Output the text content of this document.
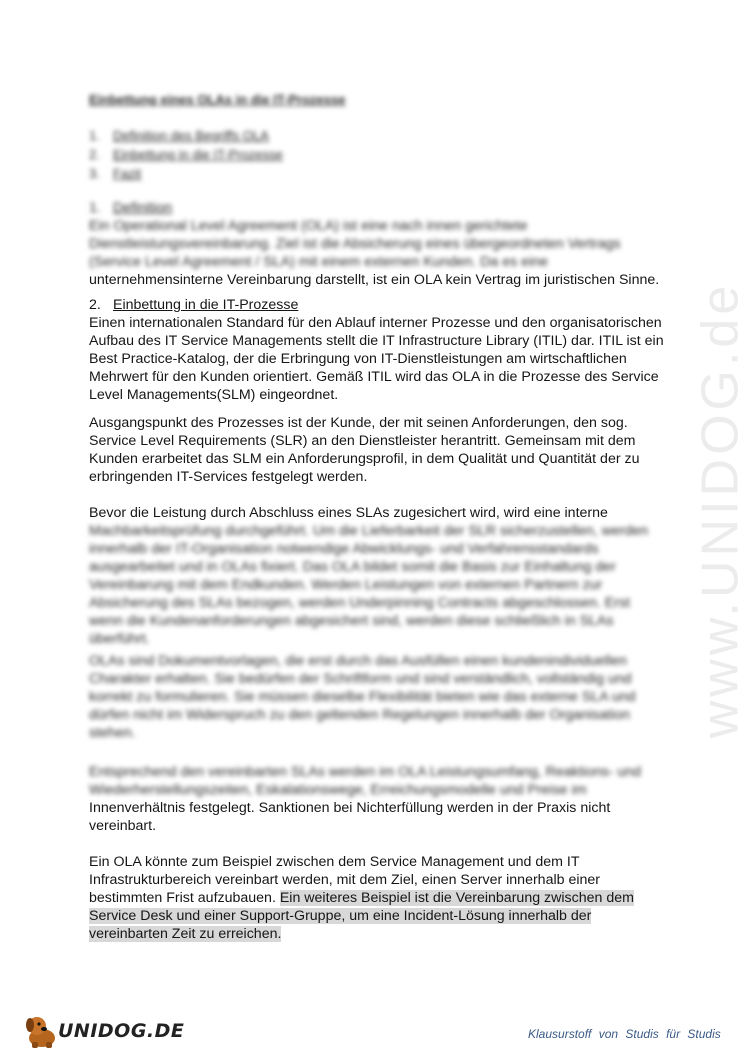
www.UNIDOG.de
Einbettung eines OLAs in die IT-Prozesse
1.	Definition des Begriffs OLA
2.	Einbettung in die IT-Prozesse
3.	Fazit
1. Definition

Ein Operational Level Agreement (OLA) ist eine nach innen gerichtete Dienstleistungsvereinbarung. Ziel ist die Absicherung eines übergeordneten Vertrags (Service Level Agreement / SLA) mit einem externen Kunden. Da es eine

unternehmensinterne Vereinbarung darstellt, ist ein OLA kein Vertrag im juristischen Sinne.

2. Einbettung in die IT-Prozesse

Einen internationalen Standard für den Ablauf interner Prozesse und den organisatorischen Aufbau des IT Service Managements stellt die IT Infrastructure Library (ITIL) dar. ITIL ist ein Best Practice-Katalog, der die Erbringung von IT-Dienstleistungen am wirtschaftlichen Mehrwert für den Kunden orientiert. Gemäß ITIL wird das OLA in die Prozesse des Service Level Managements(SLM) eingeordnet.

Ausgangspunkt des Prozesses ist der Kunde, der mit seinen Anforderungen, den sog. Service Level Requirements (SLR) an den Dienstleister herantritt. Gemeinsam mit dem Kunden erarbeitet das SLM ein Anforderungsprofil, in dem Qualität und Quantität der zu erbringenden IT-Services festgelegt werden.

Bevor die Leistung durch Abschluss eines SLAs zugesichert wird, wird eine interne

Machbarkeitsprüfung durchgeführt. Um die Lieferbarkeit der SLR sicherzustellen, werden innerhalb der IT-Organisation notwendige Abwicklungs- und Verfahrensstandards ausgearbeitet und in OLAs fixiert. Das OLA bildet somit die Basis zur Einhaltung der Vereinbarung mit dem Endkunden. Werden Leistungen von externen Partnern zur Absicherung des SLAs bezogen, werden Underpinning Contracts abgeschlossen. Erst wenn die Kundenanforderungen abgesichert sind, werden diese schließlich in SLAs überführt.

OLAs sind Dokumentvorlagen, die erst durch das Ausfüllen einen kundenindividuellen Charakter erhalten. Sie bedürfen der Schriftform und sind verständlich, vollständig und korrekt zu formulieren. Sie müssen dieselbe Flexibilität bieten wie das externe SLA und dürfen nicht im Widerspruch zu den geltenden Regelungen innerhalb der Organisation stehen.

Entsprechend den vereinbarten SLAs werden im OLA Leistungsumfang, Reaktions- und Wiederherstellungszeiten, Eskalationswege, Erreichungsmodelle und Preise im

Innenverhältnis festgelegt. Sanktionen bei Nichterfüllung werden in der Praxis nicht vereinbart.

Ein OLA könnte zum Beispiel zwischen dem Service Management und dem IT Infrastrukturbereich vereinbart werden, mit dem Ziel, einen Server innerhalb einer bestimmten Frist aufzubauen. Ein weiteres Beispiel ist die Vereinbarung zwischen dem Service Desk und einer Support-Gruppe, um eine Incident-Lösung innerhalb der vereinbarten Zeit zu erreichen.
UNIDOG.DE	Klausurstoff von Studis für Studis
